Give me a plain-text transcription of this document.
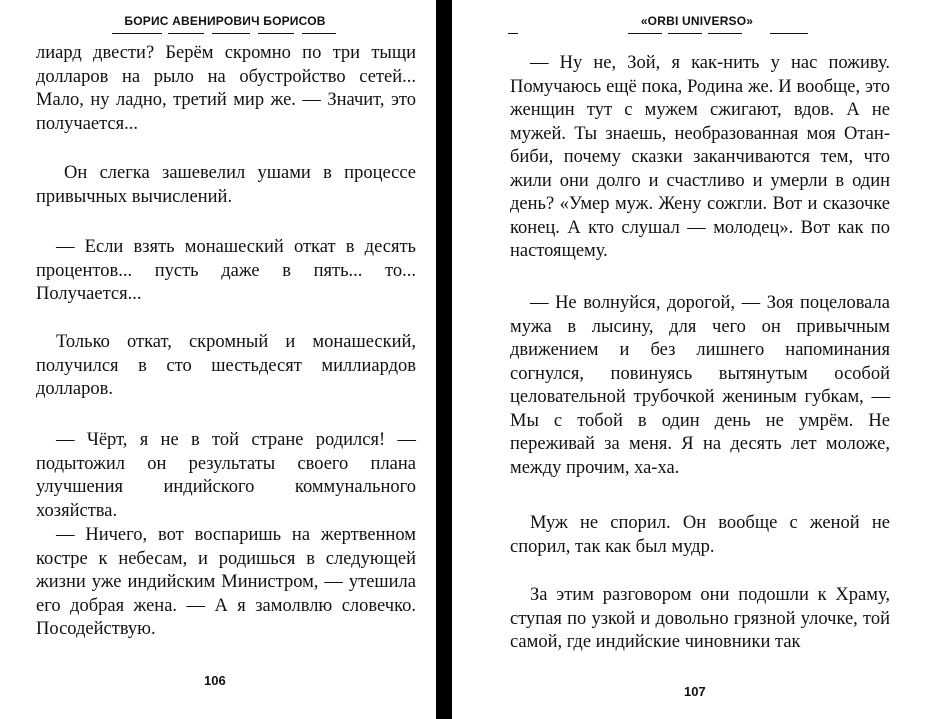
БОРИС АВЕНИРОВИЧ БОРИСОВ

лиард двести? Берём скромно по три тыщи долларов на рыло на обустройство сетей... Мало, ну ладно, третий мир же. — Значит, это получается...

Он слегка зашевелил ушами в процессе привычных вычислений.

— Если взять монашеский откат в десять процентов... пусть даже в пять... то... Получается...

Только откат, скромный и монашеский, получился в сто шестьдесят миллиардов долларов.

— Чёрт, я не в той стране родился! — подытожил он результаты своего плана улучшения индийского коммунального хозяйства.

— Ничего, вот воспаришь на жертвенном костре к небесам, и родишься в следующей жизни уже индийским Министром, — утешила его добрая жена. — А я замолвлю словечко. Посодействую.

106
«ORBI UNIVERSO»

— Ну не, Зой, я как-нить у нас поживу. Помучаюсь ещё пока, Родина же. И вообще, это женщин тут с мужем сжигают, вдов. А не мужей. Ты знаешь, необразованная моя Отан-биби, почему сказки заканчиваются тем, что жили они долго и счастливо и умерли в один день? «Умер муж. Жену сожгли. Вот и сказочке конец. А кто слушал — молодец». Вот как по настоящему.

— Не волнуйся, дорогой, — Зоя поцеловала мужа в лысину, для чего он привычным движением и без лишнего напоминания согнулся, повинуясь вытянутым особой целовательной трубочкой жениным губкам, — Мы с тобой в один день не умрём. Не переживай за меня. Я на десять лет моложе, между прочим, ха-ха.

Муж не спорил. Он вообще с женой не спорил, так как был мудр.

За этим разговором они подошли к Храму, ступая по узкой и довольно грязной улочке, той самой, где индийские чиновники так

107
